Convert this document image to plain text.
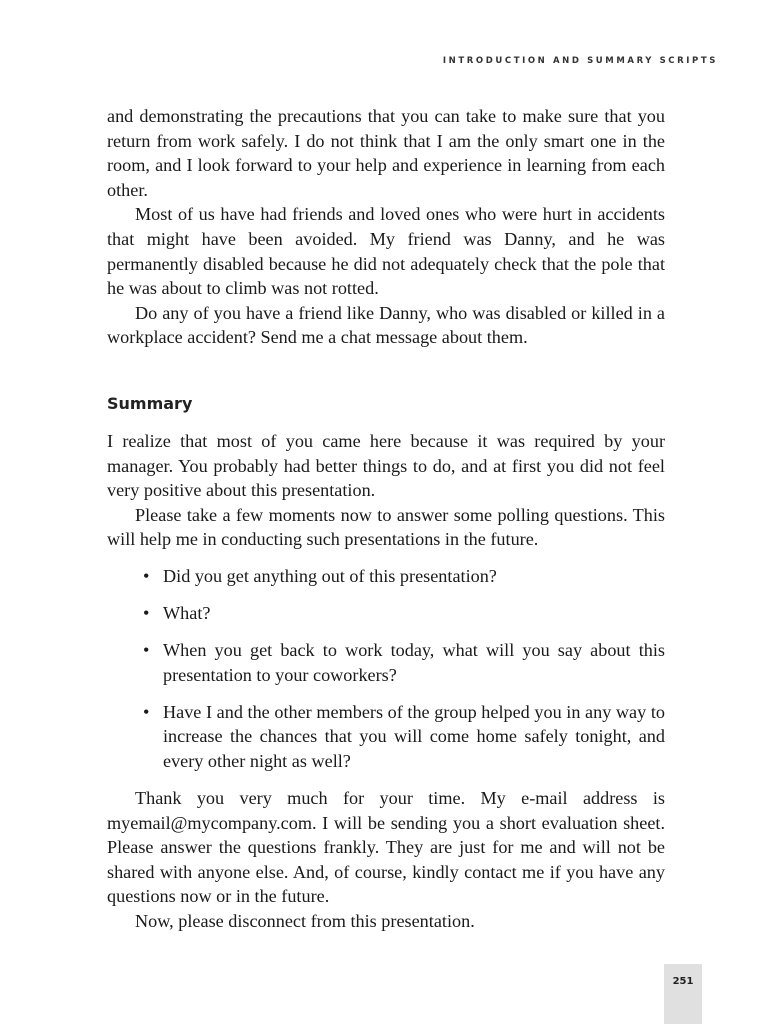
INTRODUCTION AND SUMMARY SCRIPTS

and demonstrating the precautions that you can take to make sure that you return from work safely. I do not think that I am the only smart one in the room, and I look forward to your help and experience in learning from each other.

Most of us have had friends and loved ones who were hurt in accidents that might have been avoided. My friend was Danny, and he was permanently disabled because he did not adequately check that the pole that he was about to climb was not rotted.

Do any of you have a friend like Danny, who was disabled or killed in a workplace accident? Send me a chat message about them.

Summary

I realize that most of you came here because it was required by your manager. You probably had better things to do, and at first you did not feel very positive about this presentation.

Please take a few moments now to answer some polling questions. This will help me in conducting such presentations in the future.

• Did you get anything out of this presentation?
• What?
• When you get back to work today, what will you say about this presentation to your coworkers?
• Have I and the other members of the group helped you in any way to increase the chances that you will come home safely tonight, and every other night as well?

Thank you very much for your time. My e-mail address is myemail@mycompany.com. I will be sending you a short evaluation sheet. Please answer the questions frankly. They are just for me and will not be shared with anyone else. And, of course, kindly contact me if you have any questions now or in the future.

Now, please disconnect from this presentation.

251
